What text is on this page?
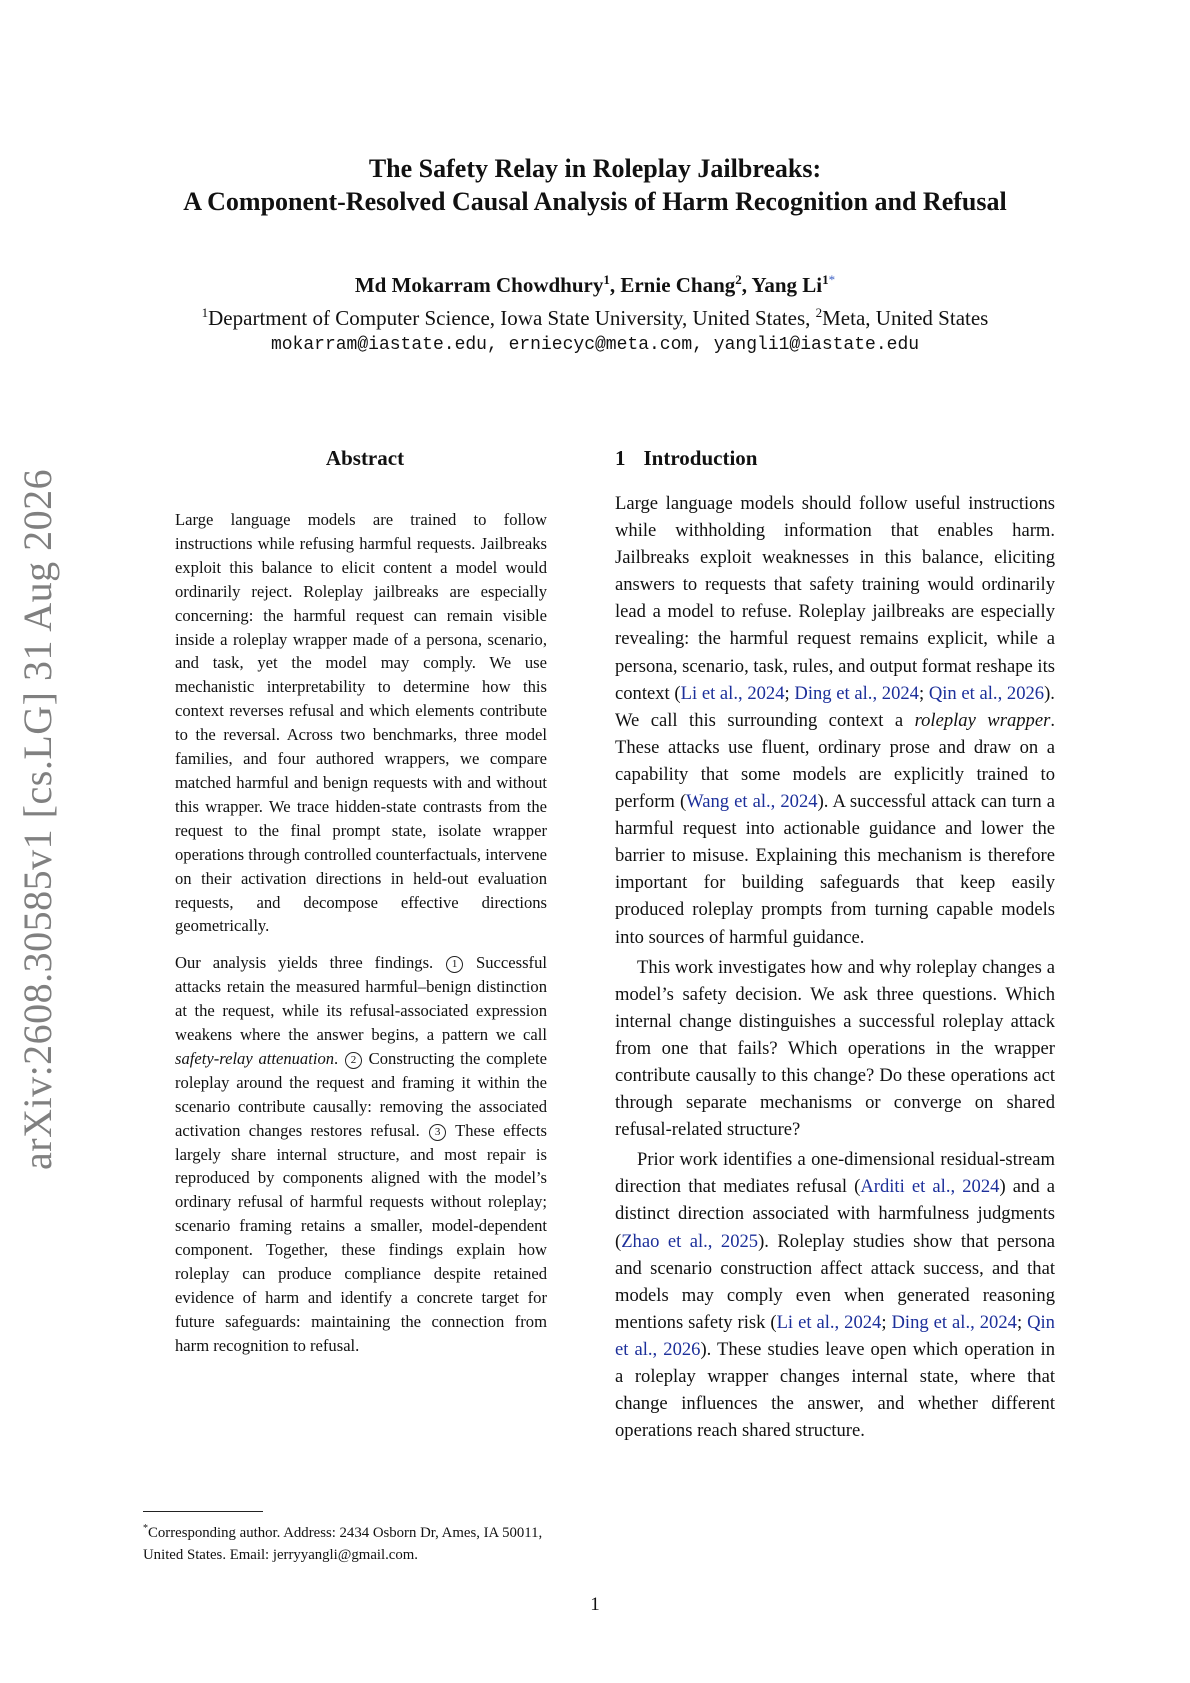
arXiv:2608.30585v1 [cs.LG] 31 Aug 2026
The Safety Relay in Roleplay Jailbreaks:
A Component-Resolved Causal Analysis of Harm Recognition and Refusal
Md Mokarram Chowdhury$^1$, Ernie Chang$^2$, Yang $Li^{1*}$
$^1$Department of Computer Science, Iowa State University, United States, $^2$Meta, United States
mokarram@iastate.edu, erniecyc@meta.com, yangli1@iastate.edu
Abstract

Large language models are trained to follow instructions while refusing harmful requests. Jailbreaks exploit this balance to elicit content a model would ordinarily reject. Roleplay jailbreaks are especially concerning: the harmful request can remain visible inside a roleplay wrapper made of a persona, scenario, and task, yet the model may comply. We use mechanistic interpretability to determine how this context reverses refusal and which elements contribute to the reversal. Across two benchmarks, three model families, and four authored wrappers, we compare matched harmful and benign requests with and without this wrapper. We trace hidden-state contrasts from the request to the final prompt state, isolate wrapper operations through controlled counterfactuals, intervene on their activation directions in held-out evaluation requests, and decompose effective directions geometrically.

Our analysis yields three findings. 1 Successful attacks retain the measured harmful–benign distinction at the request, while its refusal-associated expression weakens where the answer begins, a pattern we call safety-relay attenuation. 2 Constructing the complete roleplay around the request and framing it within the scenario contribute causally: removing the associated activation changes restores refusal. 3 These effects largely share internal structure, and most repair is reproduced by components aligned with the model’s ordinary refusal of harmful requests without roleplay; scenario framing retains a smaller, model-dependent component. Together, these findings explain how roleplay can produce compliance despite retained evidence of harm and identify a concrete target for future safeguards: maintaining the connection from harm recognition to refusal.

1 Introduction

Large language models should follow useful instructions while withholding information that enables harm. Jailbreaks exploit weaknesses in this balance, eliciting answers to requests that safety training would ordinarily lead a model to refuse. Roleplay jailbreaks are especially revealing: the harmful request remains explicit, while a persona, scenario, task, rules, and output format reshape its context (Li et al., 2024; Ding et al., 2024; Qin et al., 2026). We call this surrounding context a roleplay wrapper. These attacks use fluent, ordinary prose and draw on a capability that some models are explicitly trained to perform (Wang et al., 2024). A successful attack can turn a harmful request into actionable guidance and lower the barrier to misuse. Explaining this mechanism is therefore important for building safeguards that keep easily produced roleplay prompts from turning capable models into sources of harmful guidance.

This work investigates how and why roleplay changes a model’s safety decision. We ask three questions. Which internal change distinguishes a successful roleplay attack from one that fails? Which operations in the wrapper contribute causally to this change? Do these operations act through separate mechanisms or converge on shared refusal-related structure?

Prior work identifies a one-dimensional residual-stream direction that mediates refusal (Arditi et al., 2024) and a distinct direction associated with harmfulness judgments (Zhao et al., 2025). Roleplay studies show that persona and scenario construction affect attack success, and that models may comply even when generated reasoning mentions safety risk (Li et al., 2024; Ding et al., 2024; Qin et al., 2026). These studies leave open which operation in a roleplay wrapper changes internal state, where that change influences the answer, and whether different operations reach shared structure.

*Corresponding author. Address: 2434 Osborn Dr, Ames, IA 50011, United States. Email: jerryyangli@gmail.com.
1
